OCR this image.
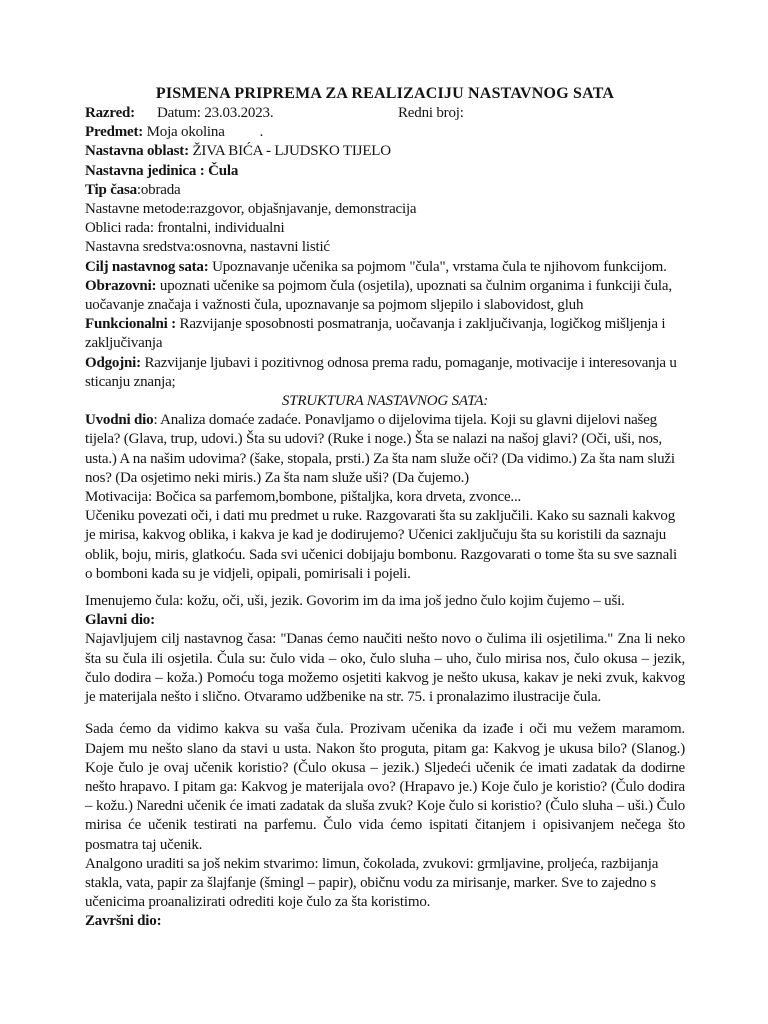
PISMENA PRIPREMA ZA REALIZACIJU NASTAVNOG SATA
Razred: Datum: 23.03.2023.	Redni broj:
Predmet: Moja okolina .
Nastavna oblast: ŽIVA BIĆA - LJUDSKO TIJELO
Nastavna jedinica : Čula
Tip časa:obrada
Nastavne metode:razgovor, objašnjavanje, demonstracija
Oblici rada: frontalni, individualni
Nastavna sredstva:osnovna, nastavni listić
Cilj nastavnog sata: Upoznavanje učenika sa pojmom "čula", vrstama čula te njihovom funkcijom.
Obrazovni: upoznati učenike sa pojmom čula (osjetila), upoznati sa čulnim organima i funkciji čula, uočavanje značaja i važnosti čula, upoznavanje sa pojmom sljepilo i slabovidost, gluh
Funkcionalni : Razvijanje sposobnosti posmatranja, uočavanja i zaključivanja, logičkog mišljenja i zaključivanja
Odgojni: Razvijanje ljubavi i pozitivnog odnosa prema radu, pomaganje, motivacije i interesovanja u sticanju znanja;
STRUKTURA NASTAVNOG SATA:
Uvodni dio: Analiza domaće zadaće. Ponavljamo o dijelovima tijela. Koji su glavni dijelovi našeg tijela? (Glava, trup, udovi.) Šta su udovi? (Ruke i noge.) Šta se nalazi na našoj glavi? (Oči, uši, nos, usta.) A na našim udovima? (šake, stopala, prsti.) Za šta nam služe oči? (Da vidimo.) Za šta nam služi nos? (Da osjetimo neki miris.) Za šta nam služe uši? (Da čujemo.)
Motivacija: Bočica sa parfemom,bombone, pištaljka, kora drveta, zvonce...
Učeniku povezati oči, i dati mu predmet u ruke. Razgovarati šta su zaključili. Kako su saznali kakvog je mirisa, kakvog oblika, i kakva je kad je dodirujemo? Učenici zaključuju šta su koristili da saznaju oblik, boju, miris, glatkoću. Sada svi učenici dobijaju bombonu. Razgovarati o tome šta su sve saznali o bomboni kada su je vidjeli, opipali, pomirisali i pojeli.
Imenujemo čula: kožu, oči, uši, jezik. Govorim im da ima još jedno čulo kojim čujemo – uši.
Glavni dio:
Najavljujem cilj nastavnog časa: "Danas ćemo naučiti nešto novo o čulima ili osjetilima." Zna li neko šta su čula ili osjetila. Čula su: čulo vida – oko, čulo sluha – uho, čulo mirisa nos, čulo okusa – jezik, čulo dodira – koža.) Pomoću toga možemo osjetiti kakvog je nešto ukusa, kakav je neki zvuk, kakvog je materijala nešto i slično. Otvaramo udžbenike na str. 75. i pronalazimo ilustracije čula.
Sada ćemo da vidimo kakva su vaša čula. Prozivam učenika da izađe i oči mu vežem maramom. Dajem mu nešto slano da stavi u usta. Nakon što proguta, pitam ga: Kakvog je ukusa bilo? (Slanog.) Koje čulo je ovaj učenik koristio? (Čulo okusa – jezik.) Sljedeći učenik će imati zadatak da dodirne nešto hrapavo. I pitam ga: Kakvog je materijala ovo? (Hrapavo je.) Koje čulo je koristio? (Čulo dodira – kožu.) Naredni učenik će imati zadatak da sluša zvuk? Koje čulo si koristio? (Čulo sluha – uši.) Čulo mirisa će učenik testirati na parfemu. Čulo vida ćemo ispitati čitanjem i opisivanjem nečega što posmatra taj učenik.
Analgono uraditi sa još nekim stvarimo: limun, čokolada, zvukovi: grmljavine, proljeća, razbijanja stakla, vata, papir za šlajfanje (šmingl – papir), običnu vodu za mirisanje, marker. Sve to zajedno s učenicima proanalizirati odrediti koje čulo za šta koristimo.
Završni dio:
